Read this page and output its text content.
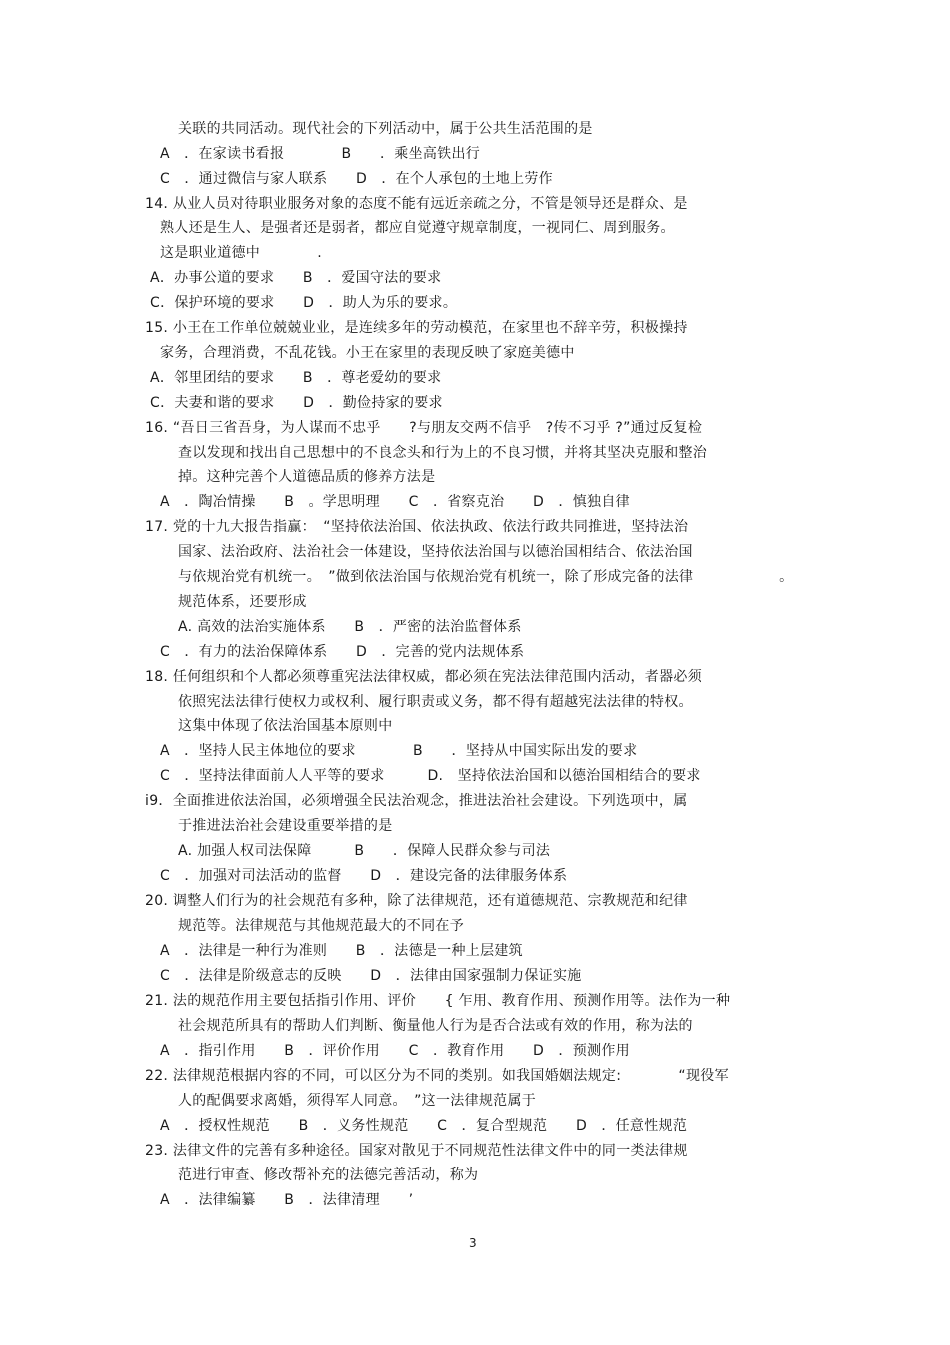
关联的共同活动。现代社会的下列活动中，属于公共生活范围的是
A　．在家读书看报　　　　B　　．乘坐高铁出行
C　．通过微信与家人联系　　D　．在个人承包的土地上劳作
14. 从业人员对待职业服务对象的态度不能有远近亲疏之分，不管是领导还是群众、是
熟人还是生人、是强者还是弱者，都应自觉遵守规章制度，一视同仁、周到服务。
这是职业道德中　　　　.
A．办事公道的要求　　B　．爱国守法的要求
C．保护环境的要求　　D　．助人为乐的要求。
15. 小王在工作单位兢兢业业，是连续多年的劳动模范，在家里也不辞辛劳，积极操持
家务，合理消费，不乱花钱。小王在家里的表现反映了家庭美德中
A．邻里团结的要求　　B　．尊老爱幼的要求
C．夫妻和谐的要求　　D　．勤俭持家的要求
16. “吾日三省吾身，为人谋而不忠乎　　?与朋友交两不信乎　?传不习乎 ?”通过反复检
查以发现和找出自己思想中的不良念头和行为上的不良习惯，并将其坚决克服和整治
掉。这种完善个人道德品质的修养方法是
A　．陶冶情操　　B　。学思明理　　C　．省察克治　　D　．慎独自律
17. 党的十九大报告指赢：　“坚持依法治国、依法执政、依法行政共同推进，坚持法治
国家、法治政府、法治社会一体建设，坚持依法治国与以德治国相结合、依法治国
与依规治党有机统一。　”做到依法治国与依规治党有机统一，除了形成完备的法律　　　　　　。
规范体系，还要形成
A. 高效的法治实施体系　　B　．严密的法治监督体系
C　．有力的法治保障体系　　D　．完善的党内法规体系
18. 任何组织和个人都必须尊重宪法法律权威，都必须在宪法法律范围内活动，者器必须
依照宪法法律行使权力或权利、履行职责或义务，都不得有超越宪法法律的特权。
这集中体现了依法治国基本原则中
A　．坚持人民主体地位的要求　　　　B　　．坚持从中国实际出发的要求
C　．坚持法律面前人人平等的要求　　　D.　坚持依法治国和以德治国相结合的要求
i9．全面推进依法治国，必须增强全民法治观念，推进法治社会建设。下列选项中，属
于推进法治社会建设重要举措的是
A. 加强人权司法保障　　　B　　．保障人民群众参与司法
C　．加强对司法活动的监督　　D　．建设完备的法律服务体系
20. 调整人们行为的社会规范有多种，除了法律规范，还有道德规范、宗教规范和纪律
规范等。法律规范与其他规范最大的不同在予
A　．法律是一种行为准则　　B　．法德是一种上层建筑
C　．法律是阶级意志的反映　　D　．法律由国家强制力保证实施
21. 法的规范作用主要包括指引作用、评价　　{ 乍用、教育作用、预测作用等。法作为一种
社会规范所具有的帮助人们判断、衡量他人行为是否合法或有效的作用，称为法的
A　．指引作用　　B　．评价作用　　C　．教育作用　　D　．预测作用
22. 法律规范根据内容的不同，可以区分为不同的类别。如我国婚姻法规定:　　　　“现役军
人的配偶要求离婚，须得军人同意。　”这一法律规范属于
A　．授权性规范　　B　．义务性规范　　C　．复合型规范　　D　．任意性规范
23. 法律文件的完善有多种途径。国家对散见于不同规范性法律文件中的同一类法律规
范进行审查、修改帮补充的法德完善活动，称为
A　．法律编纂　　B　．法律清理　　’
3
